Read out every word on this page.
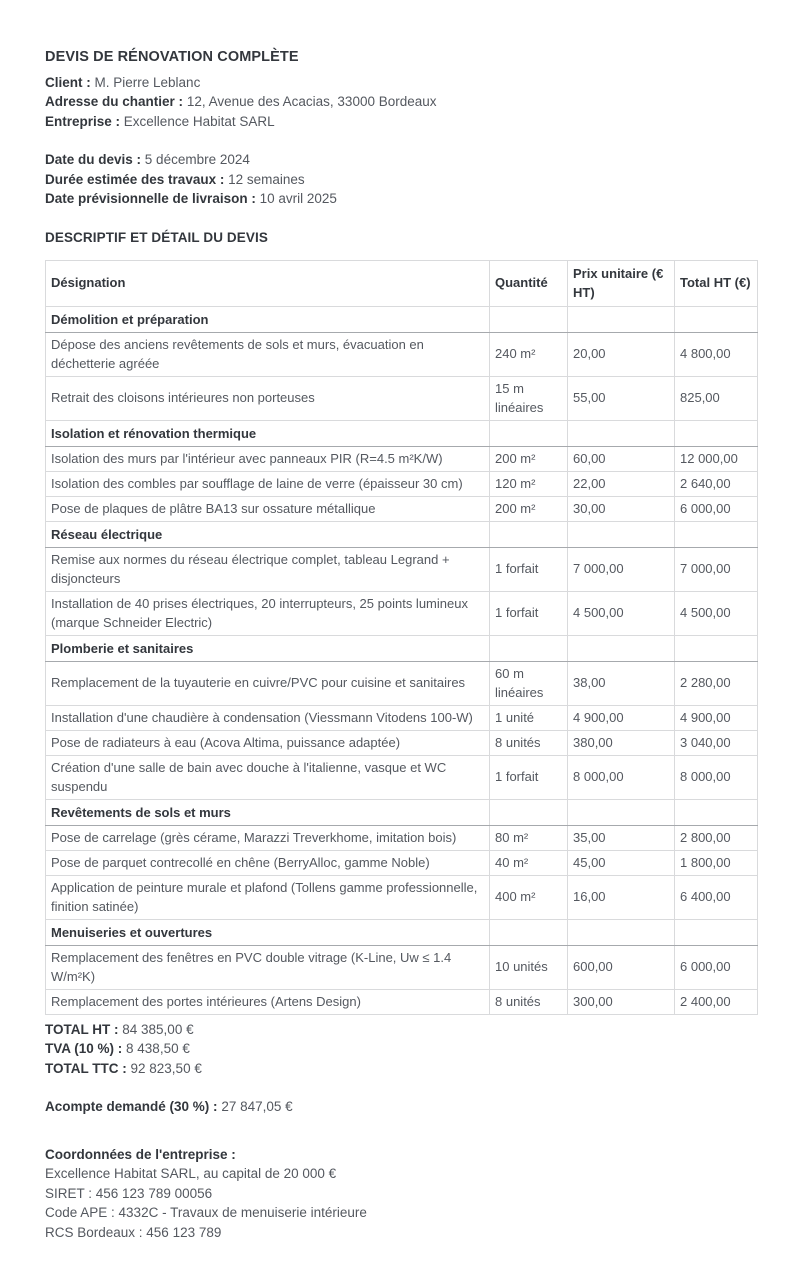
DEVIS DE RÉNOVATION COMPLÈTE

Client : M. Pierre Leblanc

Adresse du chantier : 12, Avenue des Acacias, 33000 Bordeaux

Entreprise : Excellence Habitat SARL

Date du devis : 5 décembre 2024

Durée estimée des travaux : 12 semaines

Date prévisionnelle de livraison : 10 avril 2025

DESCRIPTIF ET DÉTAIL DU DEVIS
Désignation	Quantité	Prix unitaire (€ HT)	Total HT (€)
Démolition et préparation			
Dépose des anciens revêtements de sols et murs, évacuation en déchetterie agréée	240 m²	20,00	4 800,00
Retrait des cloisons intérieures non porteuses	15 m linéaires	55,00	825,00
Isolation et rénovation thermique			
Isolation des murs par l'intérieur avec panneaux PIR (R=4.5 m²K/W)	200 m²	60,00	12 000,00
Isolation des combles par soufflage de laine de verre (épaisseur 30 cm)	120 m²	22,00	2 640,00
Pose de plaques de plâtre BA13 sur ossature métallique	200 m²	30,00	6 000,00
Réseau électrique			
Remise aux normes du réseau électrique complet, tableau Legrand + disjoncteurs	1 forfait	7 000,00	7 000,00
Installation de 40 prises électriques, 20 interrupteurs, 25 points lumineux (marque Schneider Electric)	1 forfait	4 500,00	4 500,00
Plomberie et sanitaires			
Remplacement de la tuyauterie en cuivre/PVC pour cuisine et sanitaires	60 m linéaires	38,00	2 280,00
Installation d'une chaudière à condensation (Viessmann Vitodens 100-W)	1 unité	4 900,00	4 900,00
Pose de radiateurs à eau (Acova Altima, puissance adaptée)	8 unités	380,00	3 040,00
Création d'une salle de bain avec douche à l'italienne, vasque et WC suspendu	1 forfait	8 000,00	8 000,00
Revêtements de sols et murs			
Pose de carrelage (grès cérame, Marazzi Treverkhome, imitation bois)	80 m²	35,00	2 800,00
Pose de parquet contrecollé en chêne (BerryAlloc, gamme Noble)	40 m²	45,00	1 800,00
Application de peinture murale et plafond (Tollens gamme professionnelle, finition satinée)	400 m²	16,00	6 400,00
Menuiseries et ouvertures			
Remplacement des fenêtres en PVC double vitrage (K-Line, Uw ≤ 1.4 W/m²K)	10 unités	600,00	6 000,00
Remplacement des portes intérieures (Artens Design)	8 unités	300,00	2 400,00

TOTAL HT : 84 385,00 €

TVA (10 %) : 8 438,50 €

TOTAL TTC : 92 823,50 €

Acompte demandé (30 %) : 27 847,05 €

Coordonnées de l'entreprise :

Excellence Habitat SARL, au capital de 20 000 €

SIRET : 456 123 789 00056

Code APE : 4332C - Travaux de menuiserie intérieure

RCS Bordeaux : 456 123 789
